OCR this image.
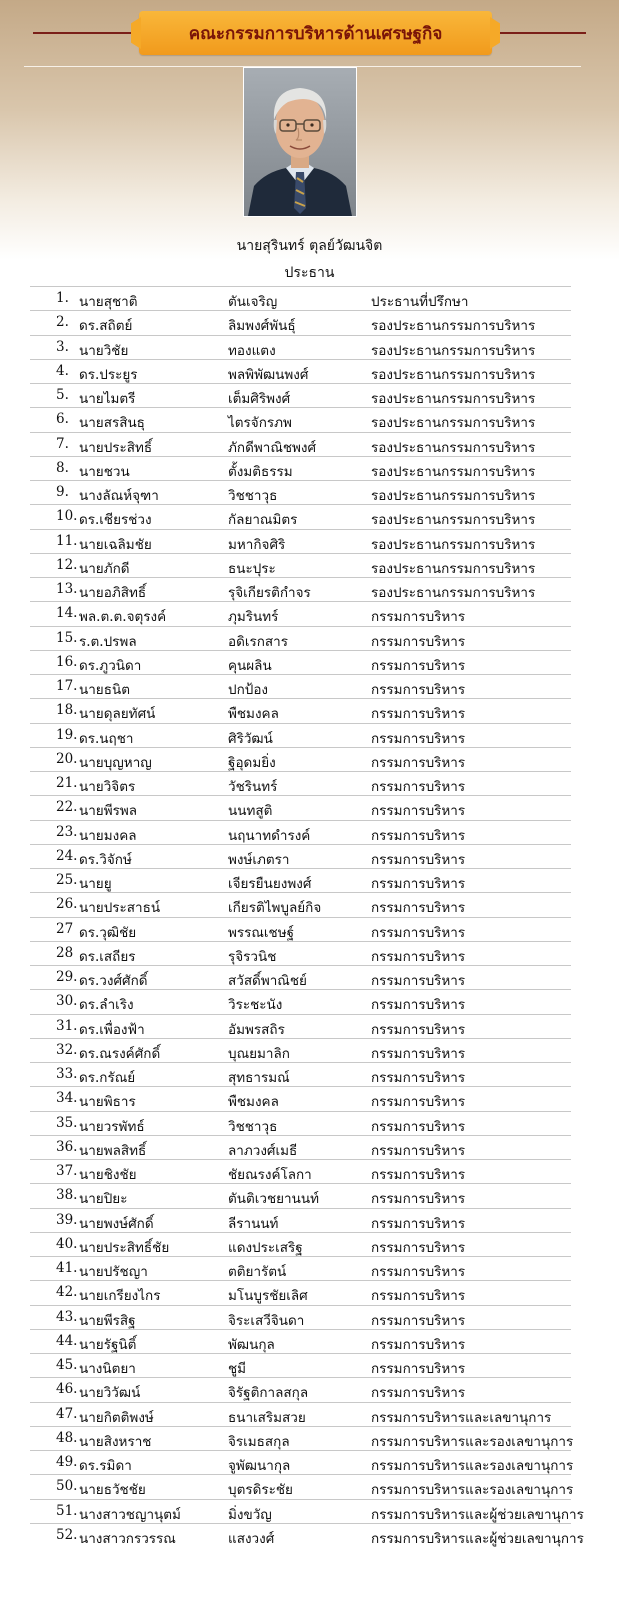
คณะกรรมการบริหารด้านเศรษฐกิจ
นายสุรินทร์ ตุลย์วัฒนจิต
ประธาน
1. นายสุชาติ	ตันเจริญ	ประธานที่ปรึกษา
2. ดร.สถิตย์	ลิมพงศ์พันธุ์	รองประธานกรรมการบริหาร
3. นายวิชัย	ทองแตง	รองประธานกรรมการบริหาร
4. ดร.ประยูร	พลพิพัฒนพงศ์	รองประธานกรรมการบริหาร
5. นายไมตรี	เต็มศิริพงศ์	รองประธานกรรมการบริหาร
6. นายสรสินธุ	ไตรจักรภพ	รองประธานกรรมการบริหาร
7. นายประสิทธิ์	ภักดีพาณิชพงศ์	รองประธานกรรมการบริหาร
8. นายชวน	ตั้งมติธรรม	รองประธานกรรมการบริหาร
9. นางลัณห์จุฑา	วิชชาวุธ	รองประธานกรรมการบริหาร
10. ดร.เชียรช่วง	กัลยาณมิตร	รองประธานกรรมการบริหาร
11. นายเฉลิมชัย	มหากิจศิริ	รองประธานกรรมการบริหาร
12. นายภักดี	ธนะปุระ	รองประธานกรรมการบริหาร
13. นายอภิสิทธิ์	รุจิเกียรติกำจร	รองประธานกรรมการบริหาร
14. พล.ต.ต.จตุรงค์	ภุมรินทร์	กรรมการบริหาร
15. ร.ต.ปรพล	อดิเรกสาร	กรรมการบริหาร
16. ดร.ภูวนิดา	คุนผลิน	กรรมการบริหาร
17. นายธนิต	ปกป้อง	กรรมการบริหาร
18. นายดุลยทัศน์	พืชมงคล	กรรมการบริหาร
19. ดร.นฤชา	ศิริวัฒน์	กรรมการบริหาร
20. นายบุญหาญ	ฐิอุดมยิ่ง	กรรมการบริหาร
21. นายวิจิตร	วัชรินทร์	กรรมการบริหาร
22. นายพีรพล	นนทสูติ	กรรมการบริหาร
23. นายมงคล	นฤนาทดำรงค์	กรรมการบริหาร
24. ดร.วิจักษ์	พงษ์เภตรา	กรรมการบริหาร
25. นายยู	เจียรยืนยงพงศ์	กรรมการบริหาร
26. นายประสาธน์	เกียรติไพบูลย์กิจ	กรรมการบริหาร
27 ดร.วุฒิชัย	พรรณเชษฐ์	กรรมการบริหาร
28 ดร.เสถียร	รุจิรวนิช	กรรมการบริหาร
29. ดร.วงศ์ศักดิ์	สวัสดิ์พาณิชย์	กรรมการบริหาร
30. ดร.ลำเริง	วิระชะนัง	กรรมการบริหาร
31. ดร.เพื่องฟ้า	อัมพรสถิร	กรรมการบริหาร
32. ดร.ณรงค์ศักดิ์	บุณยมาลิก	กรรมการบริหาร
33. ดร.กรัณย์	สุทธารมณ์	กรรมการบริหาร
34. นายพิธาร	พืชมงคล	กรรมการบริหาร
35. นายวรพัทธ์	วิชชาวุธ	กรรมการบริหาร
36. นายพลสิทธิ์	ลาภวงศ์เมธี	กรรมการบริหาร
37. นายชิงชัย	ชัยณรงค์โลกา	กรรมการบริหาร
38. นายปิยะ	ตันติเวชยานนท์	กรรมการบริหาร
39. นายพงษ์ศักดิ์	ลีรานนท์	กรรมการบริหาร
40. นายประสิทธิ์ชัย	แดงประเสริฐ	กรรมการบริหาร
41. นายปรัชญา	ตติยารัตน์	กรรมการบริหาร
42. นายเกรียงไกร	มโนบูรชัยเลิศ	กรรมการบริหาร
43. นายพีรสิฐ	จิระเสวีจินดา	กรรมการบริหาร
44. นายรัฐนิติ์	พัฒนกุล	กรรมการบริหาร
45. นางนิตยา	ชูมี	กรรมการบริหาร
46. นายวิวัฒน์	จิรัฐติกาลสกุล	กรรมการบริหาร
47. นายกิตติพงษ์	ธนาเสริมสวย	กรรมการบริหารและเลขานุการ
48. นายสิงหราช	จิรเมธสกุล	กรรมการบริหารและรองเลขานุการ
49. ดร.รมิดา	จูพัฒนากุล	กรรมการบริหารและรองเลขานุการ
50. นายธวัชชัย	บุตรดิระชัย	กรรมการบริหารและรองเลขานุการ
51. นางสาวชญานุตม์	มิ่งขวัญ	กรรมการบริหารและผู้ช่วยเลขานุการ
52. นางสาวกรวรรณ	แสงวงศ์	กรรมการบริหารและผู้ช่วยเลขานุการ
